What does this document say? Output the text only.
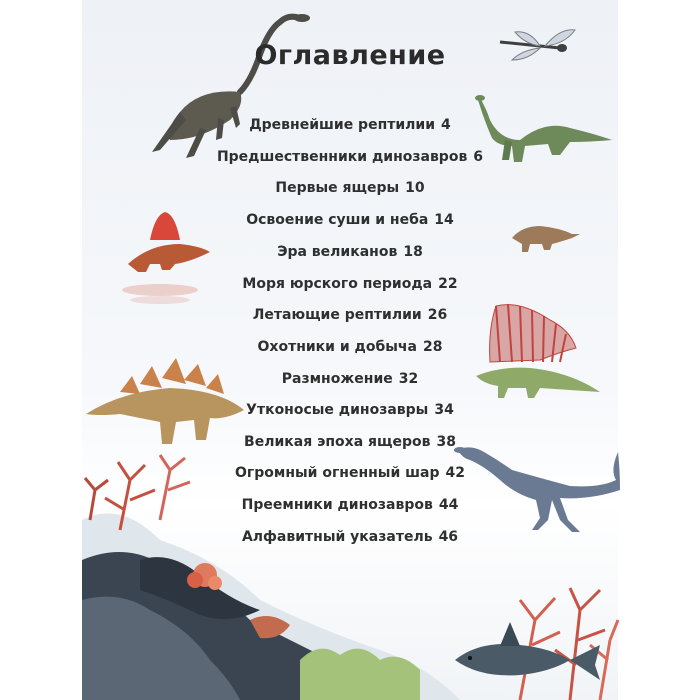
Оглавление
Древнейшие рептилии 4
Предшественники динозавров 6
Первые ящеры 10
Освоение суши и неба 14
Эра великанов 18
Моря юрского периода 22
Летающие рептилии 26
Охотники и добыча 28
Размножение 32
Утконосые динозавры 34
Великая эпоха ящеров 38
Огромный огненный шар 42
Преемники динозавров 44
Алфавитный указатель 46
